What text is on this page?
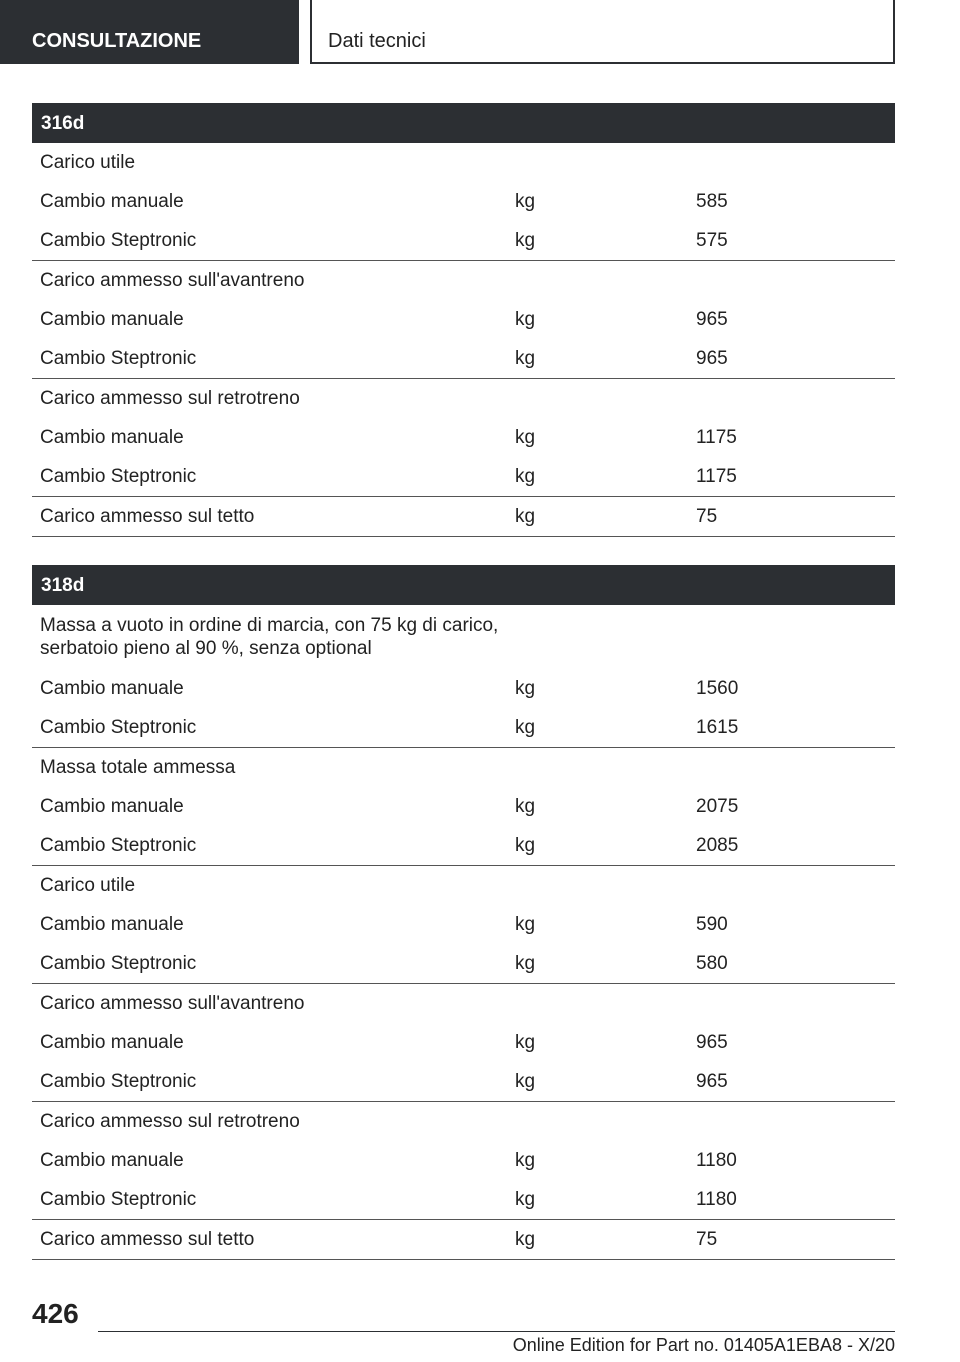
CONSULTAZIONE	Dati tecnici
316d
Carico utile
Cambio manuale	kg	585
Cambio Steptronic	kg	575
Carico ammesso sull'avantreno
Cambio manuale	kg	965
Cambio Steptronic	kg	965
Carico ammesso sul retrotreno
Cambio manuale	kg	1175
Cambio Steptronic	kg	1175
Carico ammesso sul tetto	kg	75
318d
Massa a vuoto in ordine di marcia, con 75 kg di carico, serbatoio pieno al 90 %, senza optional
Cambio manuale	kg	1560
Cambio Steptronic	kg	1615
Massa totale ammessa
Cambio manuale	kg	2075
Cambio Steptronic	kg	2085
Carico utile
Cambio manuale	kg	590
Cambio Steptronic	kg	580
Carico ammesso sull'avantreno
Cambio manuale	kg	965
Cambio Steptronic	kg	965
Carico ammesso sul retrotreno
Cambio manuale	kg	1180
Cambio Steptronic	kg	1180
Carico ammesso sul tetto	kg	75
426
Online Edition for Part no. 01405A1EBA8 - X/20
